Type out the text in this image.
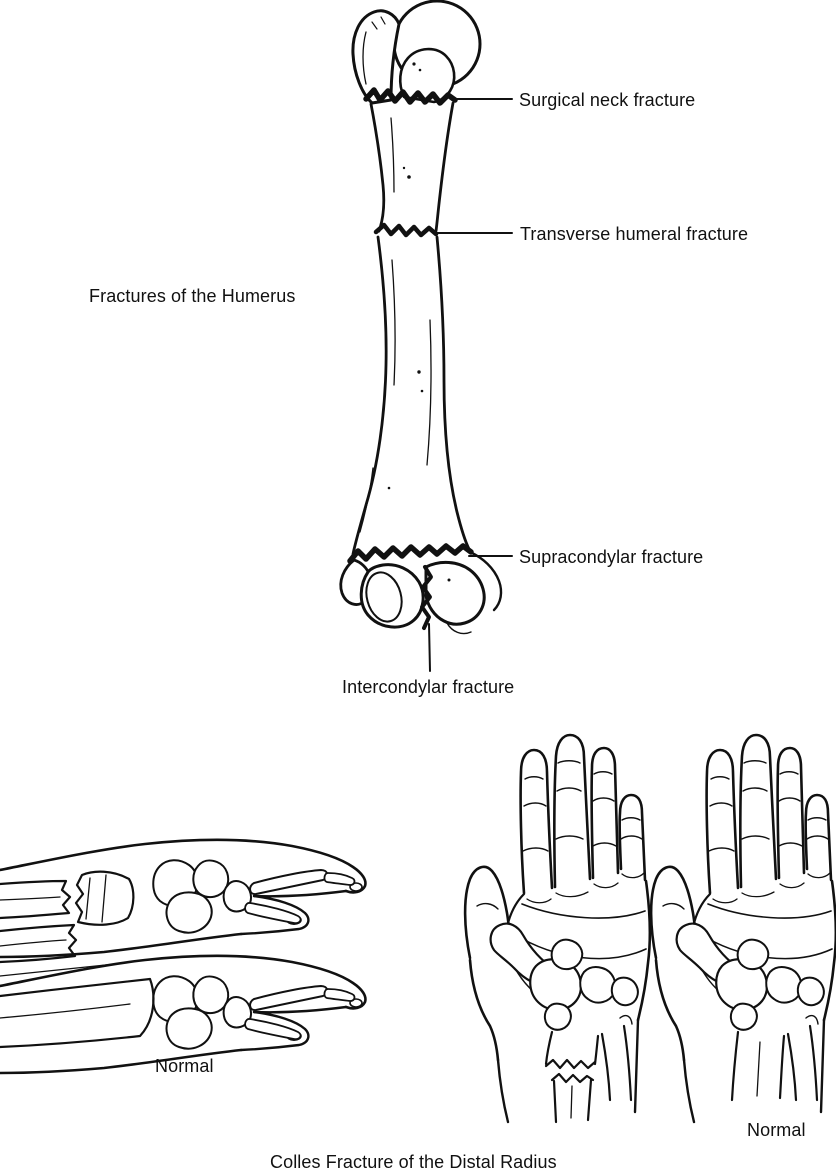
Fractures of the Humerus
Surgical neck fracture
Transverse humeral fracture
Supracondylar fracture
Intercondylar fracture
Normal
Normal
Colles Fracture of the Distal Radius
